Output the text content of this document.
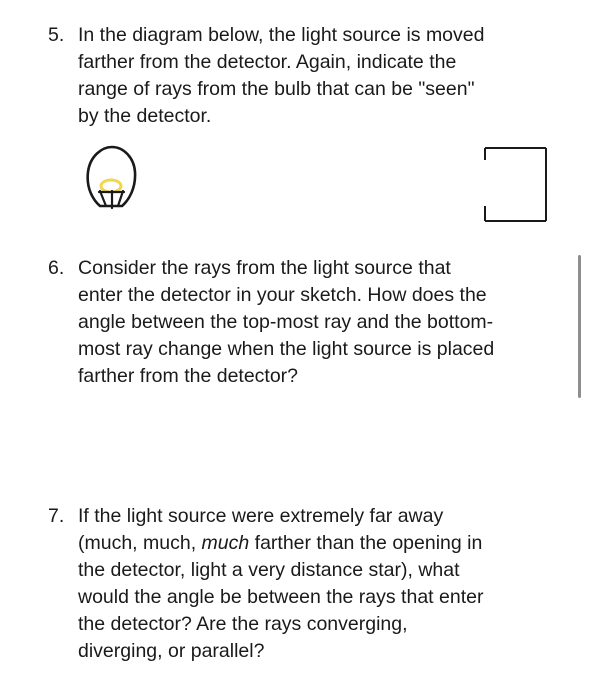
5. In the diagram below, the light source is moved
farther from the detector. Again, indicate the
range of rays from the bulb that can be "seen"
by the detector.
6. Consider the rays from the light source that
enter the detector in your sketch. How does the
angle between the top-most ray and the bottom-
most ray change when the light source is placed
farther from the detector?
7. If the light source were extremely far away
(much, much, much farther than the opening in
the detector, light a very distance star), what
would the angle be between the rays that enter
the detector? Are the rays converging,
diverging, or parallel?
